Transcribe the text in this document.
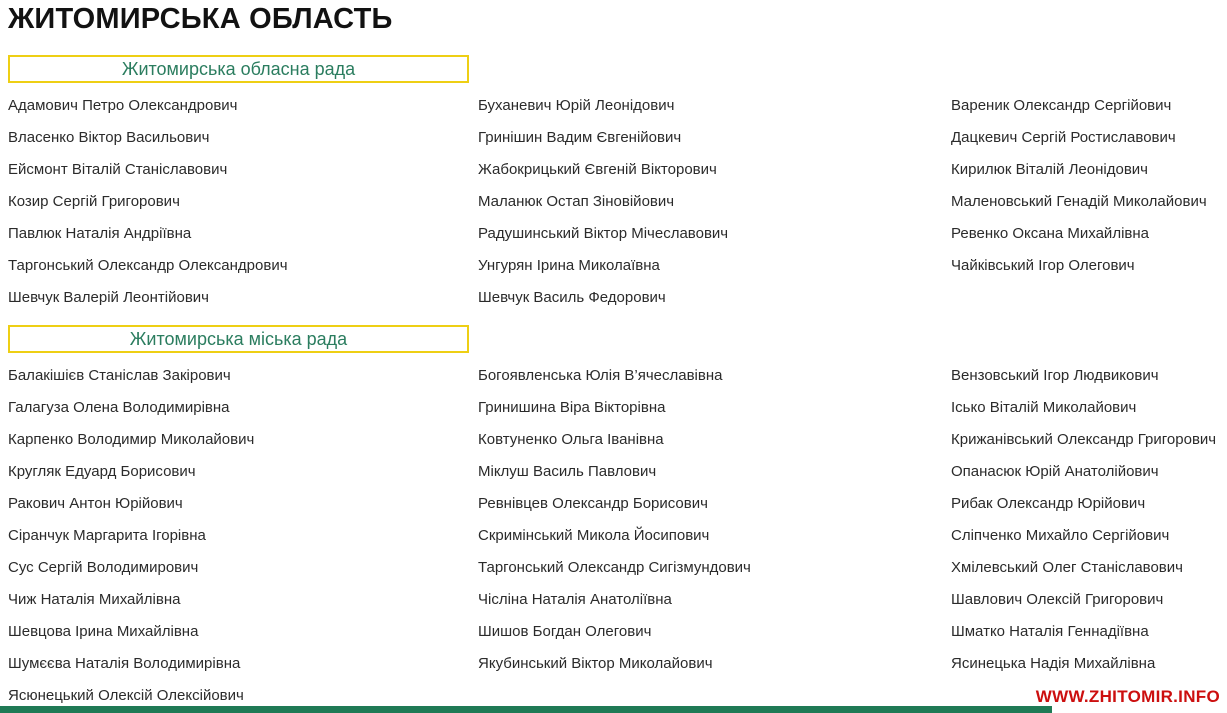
ЖИТОМИРСЬКА ОБЛАСТЬ
Житомирська обласна рада
Адамович Петро Олександрович
Власенко Віктор Васильович
Ейсмонт Віталій Станіславович
Козир Сергій Григорович
Павлюк Наталія Андріївна
Таргонський Олександр Олександрович
Шевчук Валерій Леонтійович
Буханевич Юрій Леонідович
Гринішин Вадим Євгенійович
Жабокрицький Євгеній Вікторович
Маланюк Остап Зіновійович
Радушинський Віктор Мічеславович
Унгурян Ірина Миколаївна
Шевчук Василь Федорович
Вареник Олександр Сергійович
Дацкевич Сергій Ростиславович
Кирилюк Віталій Леонідович
Маленовський Генадій Миколайович
Ревенко Оксана Михайлівна
Чайківський Ігор Олегович
Житомирська міська рада
Балакішієв Станіслав Закірович
Галагуза Олена Володимирівна
Карпенко Володимир Миколайович
Кругляк Едуард Борисович
Ракович Антон Юрійович
Сіранчук Маргарита Ігорівна
Сус Сергій Володимирович
Чиж Наталія Михайлівна
Шевцова Ірина Михайлівна
Шумєєва Наталія Володимирівна
Ясюнецький Олексій Олексійович
Богоявленська Юлія В’ячеславівна
Гринишина Віра Вікторівна
Ковтуненко Ольга Іванівна
Міклуш Василь Павлович
Ревнівцев Олександр Борисович
Скримінський Микола Йосипович
Таргонський Олександр Сигізмундович
Чісліна Наталія Анатоліївна
Шишов Богдан Олегович
Якубинський Віктор Миколайович
Вензовський Ігор Людвикович
Ісько Віталій Миколайович
Крижанівський Олександр Григорович
Опанасюк Юрій Анатолійович
Рибак Олександр Юрійович
Сліпченко Михайло Сергійович
Хмілевський Олег Станіславович
Шавлович Олексій Григорович
Шматко Наталія Геннадіївна
Ясинецька Надія Михайлівна
WWW.ZHITOMIR.INFO
